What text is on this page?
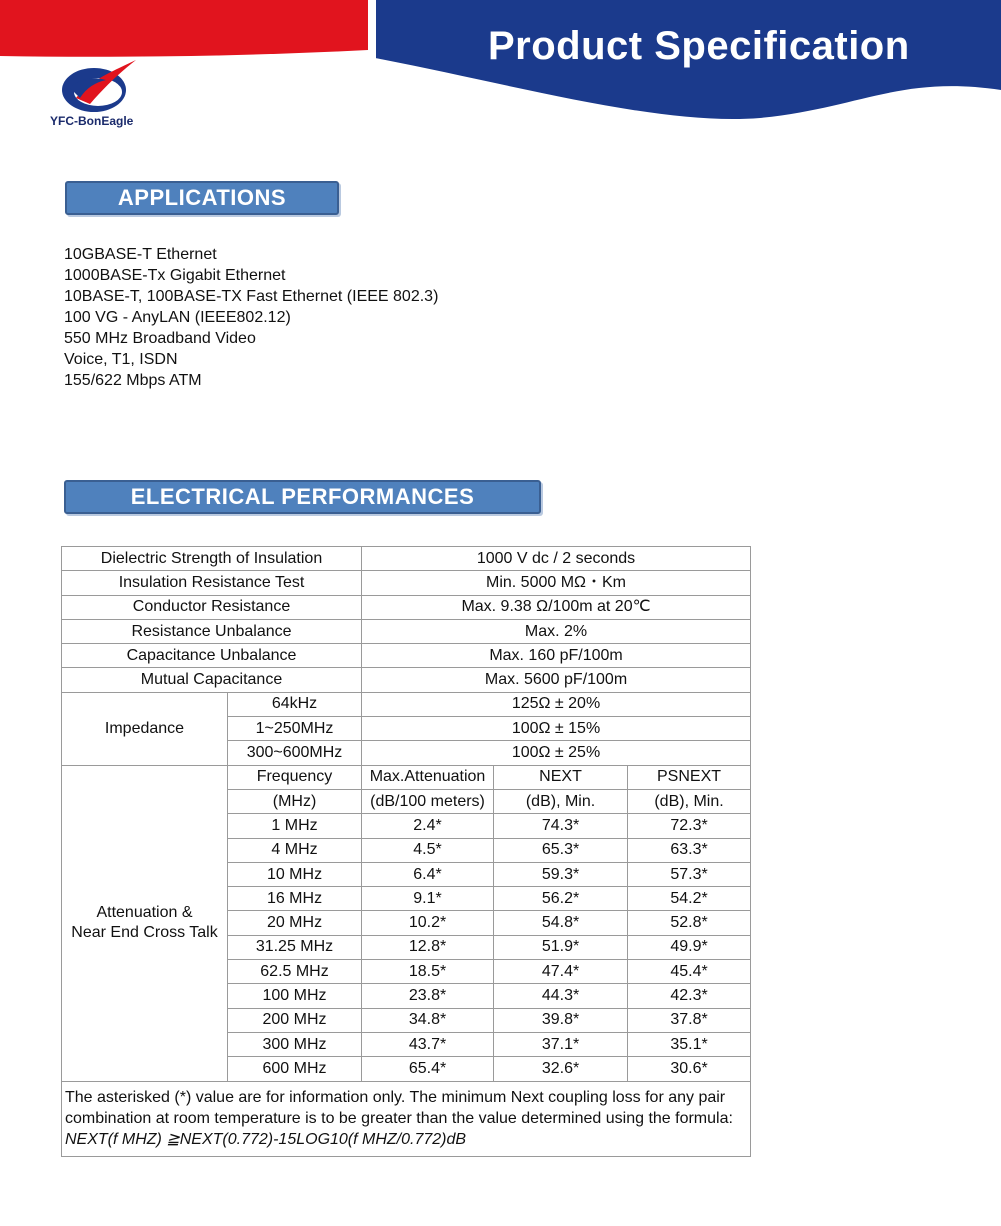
YFC-BonEagle
Product Specification
APPLICATIONS
10GBASE-T Ethernet
1000BASE-Tx Gigabit Ethernet
10BASE-T, 100BASE-TX Fast Ethernet (IEEE 802.3)
100 VG - AnyLAN (IEEE802.12)
550 MHz Broadband Video
Voice, T1, ISDN
155/622 Mbps ATM
ELECTRICAL PERFORMANCES
Dielectric Strength of Insulation		1000 V dc / 2 seconds		
Insulation Resistance Test		Min. 5000 MΩ・Km		
Conductor Resistance		Max. 9.38 Ω/100m at 20℃		
Resistance Unbalance		Max. 2%		
Capacitance Unbalance		Max. 160 pF/100m		
Mutual Capacitance		Max. 5600 pF/100m		
Impedance	64kHz	125Ω ± 20%		
	1~250MHz	100Ω ± 15%		
	300~600MHz	100Ω ± 25%		

Attenuation &
Near End Cross Talk	Frequency	Max.Attenuation	NEXT	PSNEXT
	(MHz)	(dB/100 meters)	(dB), Min.	(dB), Min.
	1 MHz	2.4*	74.3*	72.3*
	4 MHz	4.5*	65.3*	63.3*
	10 MHz	6.4*	59.3*	57.3*
	16 MHz	9.1*	56.2*	54.2*
	20 MHz	10.2*	54.8*	52.8*
	31.25 MHz	12.8*	51.9*	49.9*
	62.5 MHz	18.5*	47.4*	45.4*
	100 MHz	23.8*	44.3*	42.3*
	200 MHz	34.8*	39.8*	37.8*
	300 MHz	43.7*	37.1*	35.1*
	600 MHz	65.4*	32.6*	30.6*

The asterisked (*) value are for information only. The minimum Next coupling loss for any pair combination at room temperature is to be greater than the value determined using the formula:
NEXT(f MHZ) ≧NEXT(0.772)-15LOG10(f MHZ/0.772)dB				
